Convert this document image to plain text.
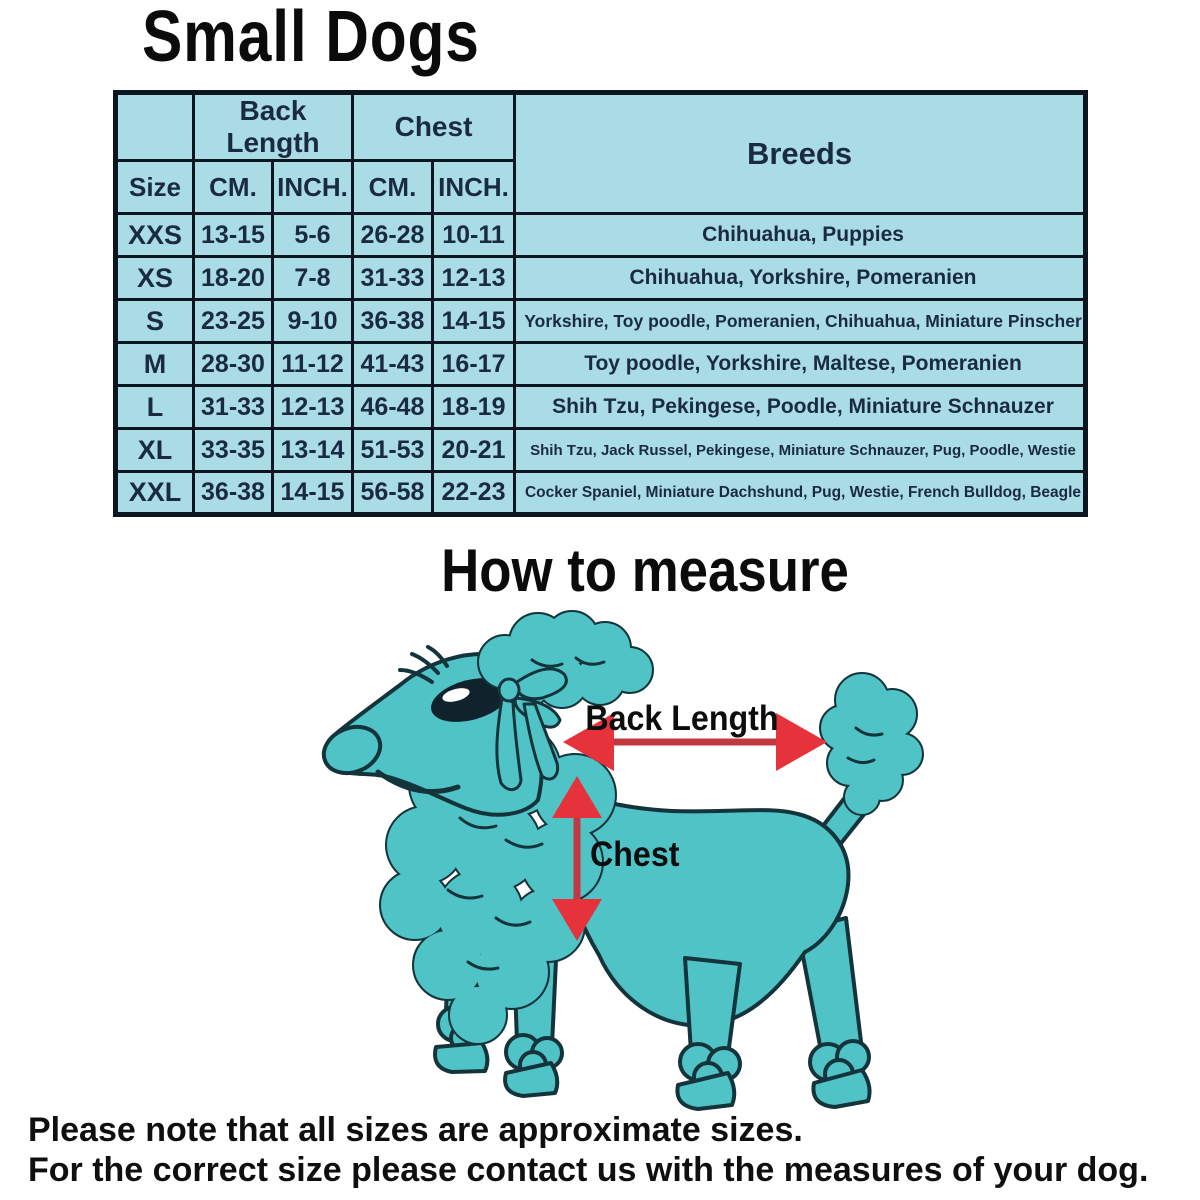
Small Dogs
	Back Length		Chest		Breeds
Size	CM.	INCH.	CM.	INCH.	
XXS	13-15	5-6	26-28	10-11	Chihuahua, Puppies

XS	18-20	7-8	31-33	12-13	Chihuahua, Yorkshire, Pomeranien

S	23-25	9-10	36-38	14-15	Yorkshire, Toy poodle, Pomeranien, Chihuahua, Miniature Pinscher

M	28-30	11-12	41-43	16-17	Toy poodle, Yorkshire, Maltese, Pomeranien

L	31-33	12-13	46-48	18-19	Shih Tzu, Pekingese, Poodle, Miniature Schnauzer

XL	33-35	13-14	51-53	20-21	Shih Tzu, Jack Russel, Pekingese, Miniature Schnauzer, Pug, Poodle, Westie

XXL	36-38	14-15	56-58	22-23	Cocker Spaniel, Miniature Dachshund, Pug, Westie, French Bulldog, Beagle
How to measure
Back Length
Chest
Please note that all sizes are approximate sizes.
For the correct size please contact us with the measures of your dog.
